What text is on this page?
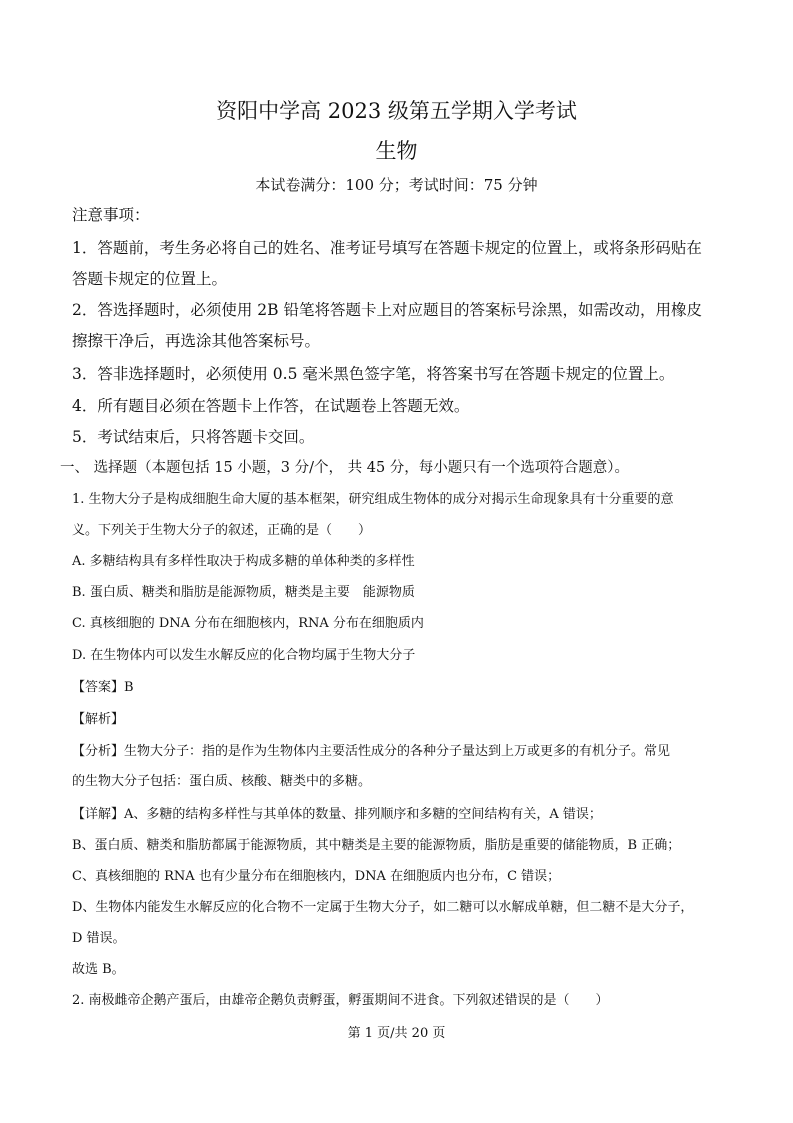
资阳中学高 2023 级第五学期入学考试
生物
本试卷满分：100 分；考试时间：75 分钟
注意事项：
1．答题前，考生务必将自己的姓名、准考证号填写在答题卡规定的位置上，或将条形码贴在
答题卡规定的位置上。
2．答选择题时，必须使用 2B 铅笔将答题卡上对应题目的答案标号涂黑，如需改动，用橡皮
擦擦干净后，再选涂其他答案标号。
3．答非选择题时，必须使用 0.5 毫米黑色签字笔，将答案书写在答题卡规定的位置上。
4．所有题目必须在答题卡上作答，在试题卷上答题无效。
5．考试结束后，只将答题卡交回。
一、 选择题（本题包括 15 小题，3 分/个， 共 45 分，每小题只有一个选项符合题意）。
1. 生物大分子是构成细胞生命大厦的基本框架，研究组成生物体的成分对揭示生命现象具有十分重要的意
义。下列关于生物大分子的叙述，正确的是（　　）
A. 多糖结构具有多样性取决于构成多糖的单体种类的多样性
B. 蛋白质、糖类和脂肪是能源物质，糖类是主要　能源物质
C. 真核细胞的 DNA 分布在细胞核内，RNA 分布在细胞质内
D. 在生物体内可以发生水解反应的化合物均属于生物大分子
【答案】B
【解析】
【分析】生物大分子：指的是作为生物体内主要活性成分的各种分子量达到上万或更多的有机分子。常见
的生物大分子包括：蛋白质、核酸、糖类中的多糖。
【详解】A、多糖的结构多样性与其单体的数量、排列顺序和多糖的空间结构有关，A 错误；
B、蛋白质、糖类和脂肪都属于能源物质，其中糖类是主要的能源物质，脂肪是重要的储能物质，B 正确；
C、真核细胞的 RNA 也有少量分布在细胞核内，DNA 在细胞质内也分布，C 错误；
D、生物体内能发生水解反应的化合物不一定属于生物大分子，如二糖可以水解成单糖，但二糖不是大分子，
D 错误。
故选 B。
2. 南极雌帝企鹅产蛋后，由雄帝企鹅负责孵蛋，孵蛋期间不进食。下列叙述错误的是（　　）
第 1 页/共 20 页
